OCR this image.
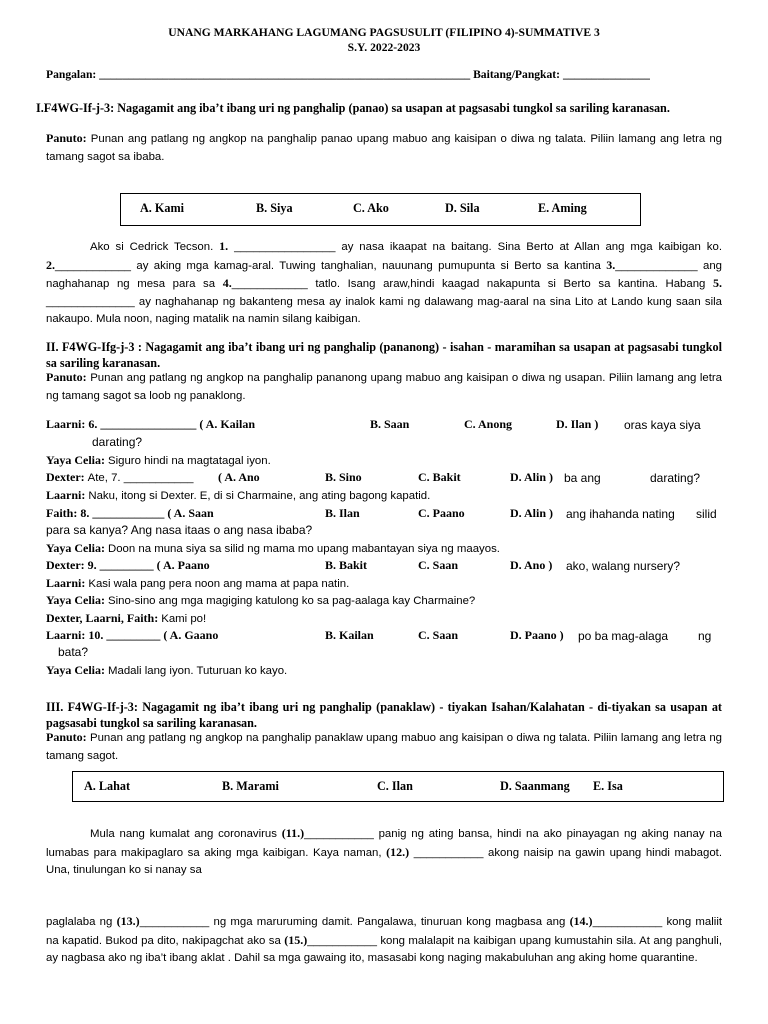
UNANG MARKAHANG LAGUMANG PAGSUSULIT (FILIPINO 4)-SUMMATIVE 3
S.Y. 2022-2023
Pangalan: ________________________________________________________________ Baitang/Pangkat: _______________
I.F4WG-If-j-3: Nagagamit ang iba’t ibang uri ng panghalip (panao) sa usapan at pagsasabi tungkol sa sariling karanasan.
Panuto: Punan ang patlang ng angkop na panghalip panao upang mabuo ang kaisipan o diwa ng talata. Piliin lamang ang letra ng tamang sagot sa ibaba.
A. Kami	B. Siya	C. Ako	D. Sila	E. Aming
Ako si Cedrick Tecson. 1. ________________ ay nasa ikaapat na baitang. Sina Berto at Allan ang mga kaibigan ko. 2.____________ ay aking mga kamag-aral. Tuwing tanghalian, nauunang pumupunta si Berto sa kantina 3._____________ ang naghahanap ng mesa para sa 4.____________ tatlo. Isang araw,hindi kaagad nakapunta si Berto sa kantina. Habang 5. ______________ ay naghahanap ng bakanteng mesa ay inalok kami ng dalawang mag-aaral na sina Lito at Lando kung saan sila nakaupo. Mula noon, naging matalik na namin silang kaibigan.
II. F4WG-Ifg-j-3 : Nagagamit ang iba’t ibang uri ng panghalip (pananong) - isahan - maramihan sa usapan at pagsasabi tungkol sa sariling karanasan.
Panuto: Punan ang patlang ng angkop na panghalip pananong upang mabuo ang kaisipan o diwa ng usapan. Piliin lamang ang letra ng tamang sagot sa loob ng panaklong.
Laarni: 6. ________________ ( A. Kailan	B. Saan	C. Anong	D. Ilan ) oras kaya siya
darating?
Yaya Celia: Siguro hindi na magtatagal iyon.
Dexter: Ate, 7. ___________ ( A. Ano	B. Sino	C. Bakit	D. Alin ) ba ang	darating?
Laarni: Naku, itong si Dexter. E, di si Charmaine, ang ating bagong kapatid.
Faith: 8. ____________ ( A. Saan	B. Ilan	C. Paano	D. Alin ) ang ihahanda nating silid
para sa kanya? Ang nasa itaas o ang nasa ibaba?
Yaya Celia: Doon na muna siya sa silid ng mama mo upang mabantayan siya ng maayos.
Dexter: 9. _________ ( A. Paano	B. Bakit	C. Saan	D. Ano ) ako, walang nursery?
Laarni: Kasi wala pang pera noon ang mama at papa natin.
Yaya Celia: Sino-sino ang mga magiging katulong ko sa pag-aalaga kay Charmaine?
Dexter, Laarni, Faith: Kami po!
Laarni: 10. _________ ( A. Gaano	B. Kailan	C. Saan	D. Paano ) po ba mag-alaga ng
bata?
Yaya Celia: Madali lang iyon. Tuturuan ko kayo.
III. F4WG-If-j-3: Nagagamit ng iba’t ibang uri ng panghalip (panaklaw) - tiyakan Isahan/Kalahatan - di-tiyakan sa usapan at pagsasabi tungkol sa sariling karanasan.
Panuto: Punan ang patlang ng angkop na panghalip panaklaw upang mabuo ang kaisipan o diwa ng talata. Piliin lamang ang letra ng tamang sagot.
A. Lahat	B. Marami	C. Ilan	D. Saanmang E. Isa
Mula nang kumalat ang coronavirus (11.)___________ panig ng ating bansa, hindi na ako pinayagan ng aking nanay na lumabas para makipaglaro sa aking mga kaibigan. Kaya naman, (12.) ___________ akong naisip na gawin upang hindi mabagot. Una, tinulungan ko si nanay sa
paglalaba ng (13.)___________ ng mga maruruming damit. Pangalawa, tinuruan kong magbasa ang (14.)___________ kong maliit na kapatid. Bukod pa dito, nakipagchat ako sa (15.)___________ kong malalapit na kaibigan upang kumustahin sila. At ang panghuli, ay nagbasa ako ng iba’t ibang aklat . Dahil sa mga gawaing ito, masasabi kong naging makabuluhan ang aking home quarantine.
